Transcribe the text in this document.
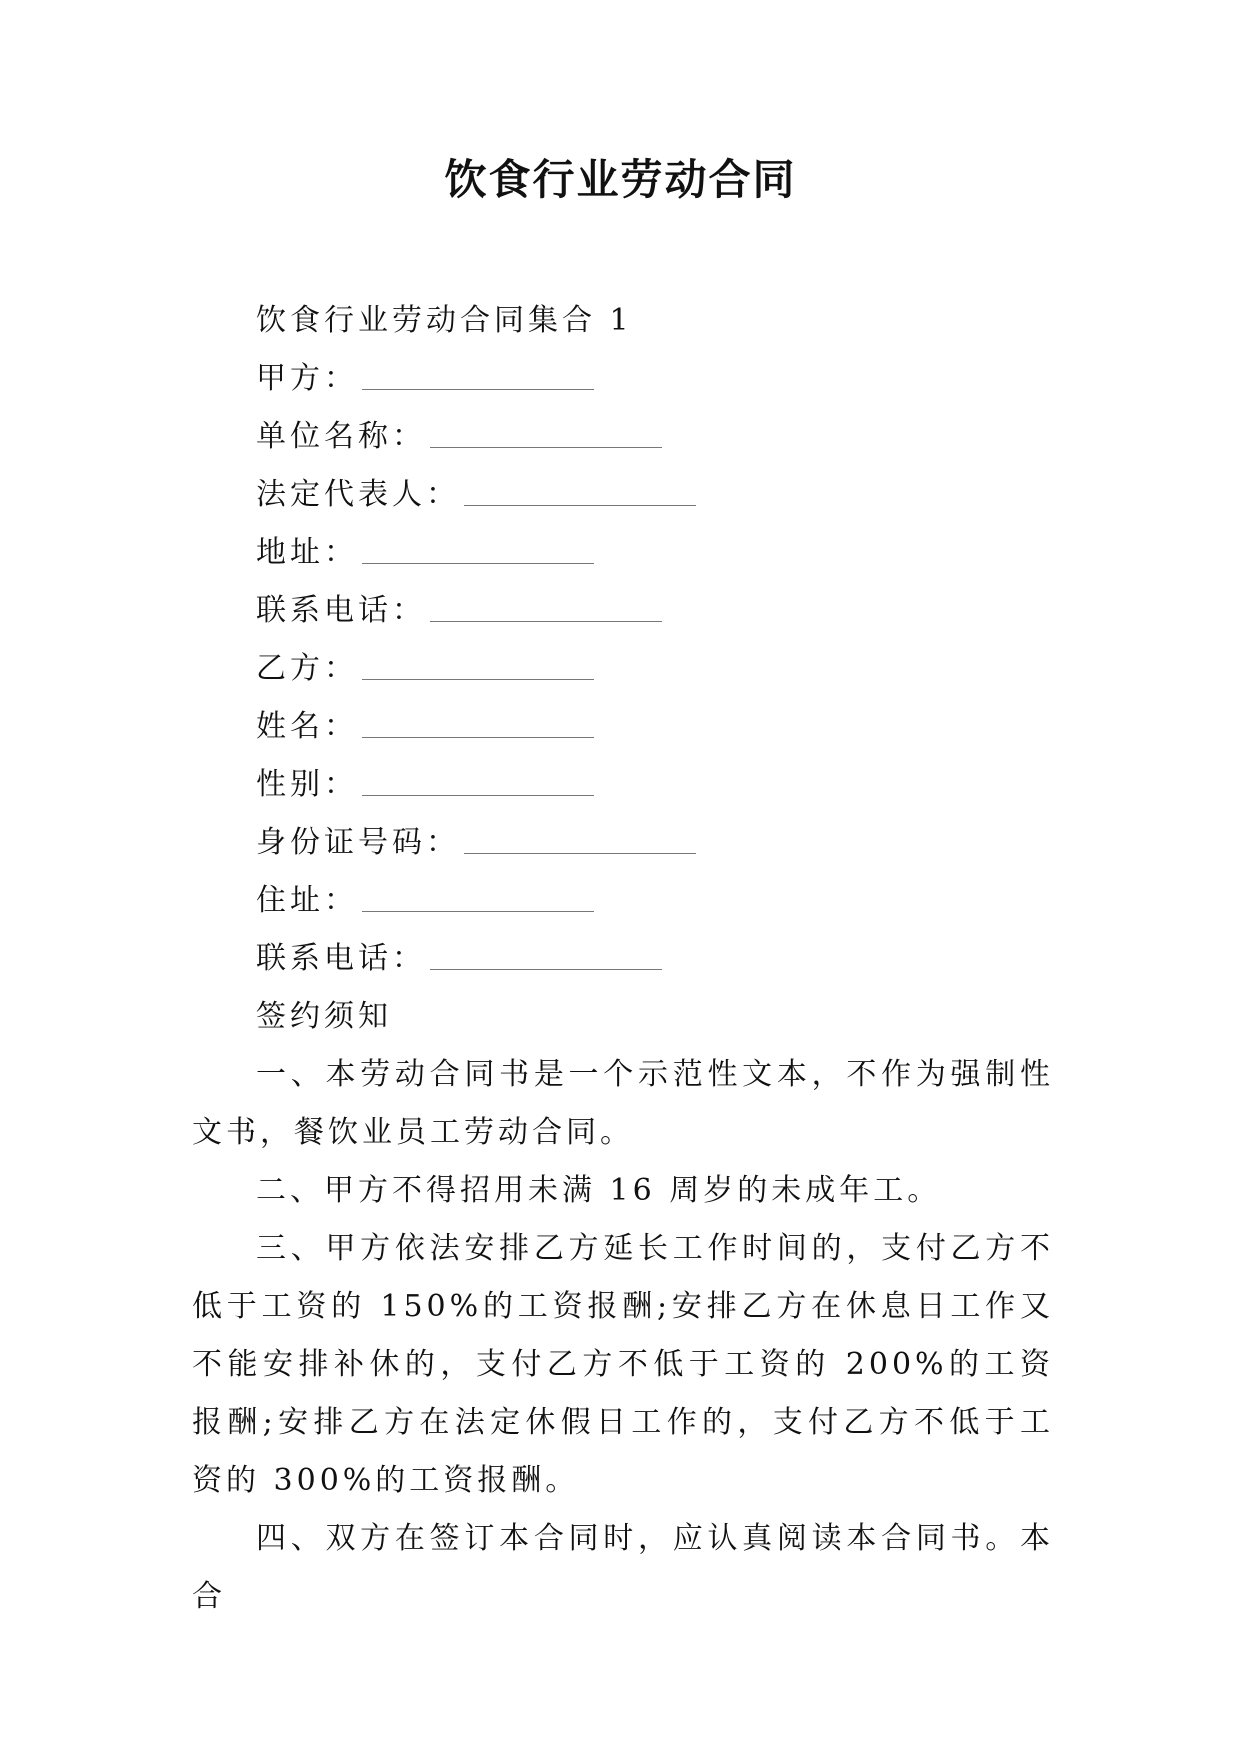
饮食行业劳动合同

饮食行业劳动合同集合 1

甲方：

单位名称：

法定代表人：

地址：

联系电话：

乙方：

姓名：

性别：

身份证号码：

住址：

联系电话：

签约须知

一、本劳动合同书是一个示范性文本，不作为强制性文书，餐饮业员工劳动合同。

二、甲方不得招用未满 16 周岁的未成年工。

三、甲方依法安排乙方延长工作时间的，支付乙方不低于工资的 150%的工资报酬;安排乙方在休息日工作又不能安排补休的，支付乙方不低于工资的 200%的工资报酬;安排乙方在法定休假日工作的，支付乙方不低于工资的 300%的工资报酬。

四、双方在签订本合同时，应认真阅读本合同书。本合
